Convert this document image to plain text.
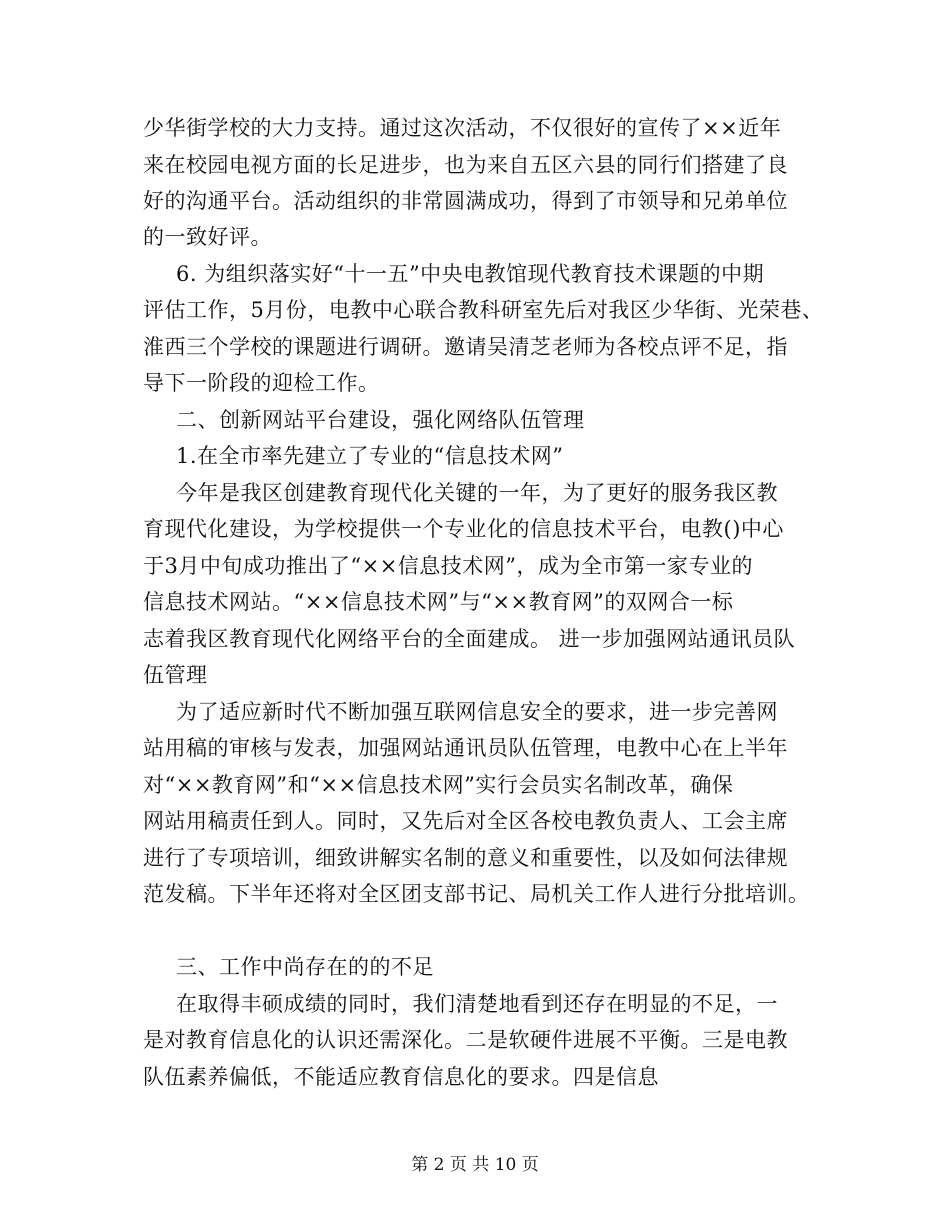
少华街学校的大力支持。通过这次活动，不仅很好的宣传了××近年
来在校园电视方面的长足进步，也为来自五区六县的同行们搭建了良
好的沟通平台。活动组织的非常圆满成功，得到了市领导和兄弟单位
的一致好评。
6. 为组织落实好“十一五”中央电教馆现代教育技术课题的中期
评估工作，5月份，电教中心联合教科研室先后对我区少华街、光荣巷、
淮西三个学校的课题进行调研。邀请吴清芝老师为各校点评不足，指
导下一阶段的迎检工作。
二、创新网站平台建设，强化网络队伍管理
1.在全市率先建立了专业的“信息技术网”
今年是我区创建教育现代化关键的一年，为了更好的服务我区教
育现代化建设，为学校提供一个专业化的信息技术平台，电教()中心
于3月中旬成功推出了“××信息技术网”，成为全市第一家专业的
信息技术网站。“××信息技术网”与“××教育网”的双网合一标
志着我区教育现代化网络平台的全面建成。 进一步加强网站通讯员队
伍管理
为了适应新时代不断加强互联网信息安全的要求，进一步完善网
站用稿的审核与发表，加强网站通讯员队伍管理，电教中心在上半年
对“××教育网”和“××信息技术网”实行会员实名制改革，确保
网站用稿责任到人。同时，又先后对全区各校电教负责人、工会主席
进行了专项培训，细致讲解实名制的意义和重要性，以及如何法律规
范发稿。下半年还将对全区团支部书记、局机关工作人进行分批培训。
三、工作中尚存在的的不足
在取得丰硕成绩的同时，我们清楚地看到还存在明显的不足，一
是对教育信息化的认识还需深化。二是软硬件进展不平衡。三是电教
队伍素养偏低，不能适应教育信息化的要求。四是信息
第 2 页 共 10 页
